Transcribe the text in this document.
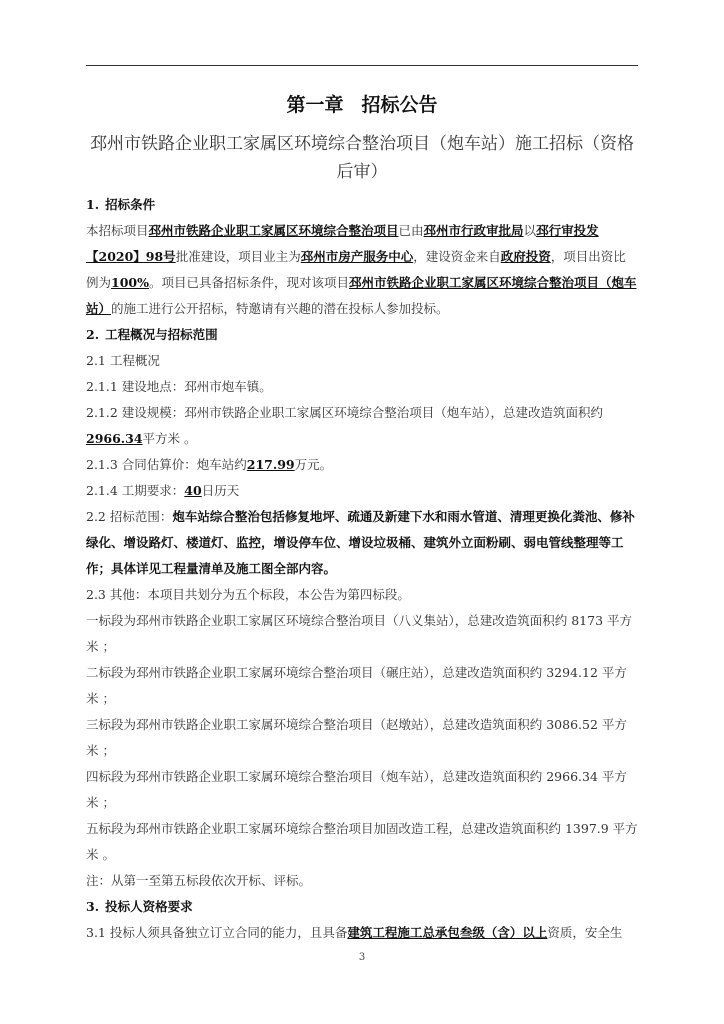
第一章 招标公告
邳州市铁路企业职工家属区环境综合整治项目（炮车站）施工招标（资格后审）
1. 招标条件

本招标项目邳州市铁路企业职工家属区环境综合整治项目已由邳州市行政审批局以邳行审投发【2020】98号批准建设，项目业主为邳州市房产服务中心，建设资金来自政府投资，项目出资比例为100%。项目已具备招标条件，现对该项目邳州市铁路企业职工家属区环境综合整治项目（炮车站）的施工进行公开招标，特邀请有兴趣的潜在投标人参加投标。

2. 工程概况与招标范围

2.1 工程概况

2.1.1 建设地点：邳州市炮车镇。

2.1.2 建设规模：邳州市铁路企业职工家属区环境综合整治项目（炮车站），总建改造筑面积约2966.34平方米 。

2.1.3 合同估算价：炮车站约217.99万元。

2.1.4 工期要求：40日历天

2.2 招标范围：炮车站综合整治包括修复地坪、疏通及新建下水和雨水管道、清理更换化粪池、修补绿化、增设路灯、楼道灯、监控，增设停车位、增设垃圾桶、建筑外立面粉刷、弱电管线整理等工作；具体详见工程量清单及施工图全部内容。

2.3 其他：本项目共划分为五个标段，本公告为第四标段。

一标段为邳州市铁路企业职工家属区环境综合整治项目（八义集站），总建改造筑面积约 8173 平方米 ；

二标段为邳州市铁路企业职工家属环境综合整治项目（碾庄站），总建改造筑面积约 3294.12 平方米 ；

三标段为邳州市铁路企业职工家属环境综合整治项目（赵墩站），总建改造筑面积约 3086.52 平方米 ；

四标段为邳州市铁路企业职工家属环境综合整治项目（炮车站），总建改造筑面积约 2966.34 平方米 ；

五标段为邳州市铁路企业职工家属环境综合整治项目加固改造工程，总建改造筑面积约 1397.9 平方米 。

注：从第一至第五标段依次开标、评标。

3. 投标人资格要求

3.1 投标人须具备独立订立合同的能力，且具备建筑工程施工总承包叁级（含）以上资质，安全生

3
